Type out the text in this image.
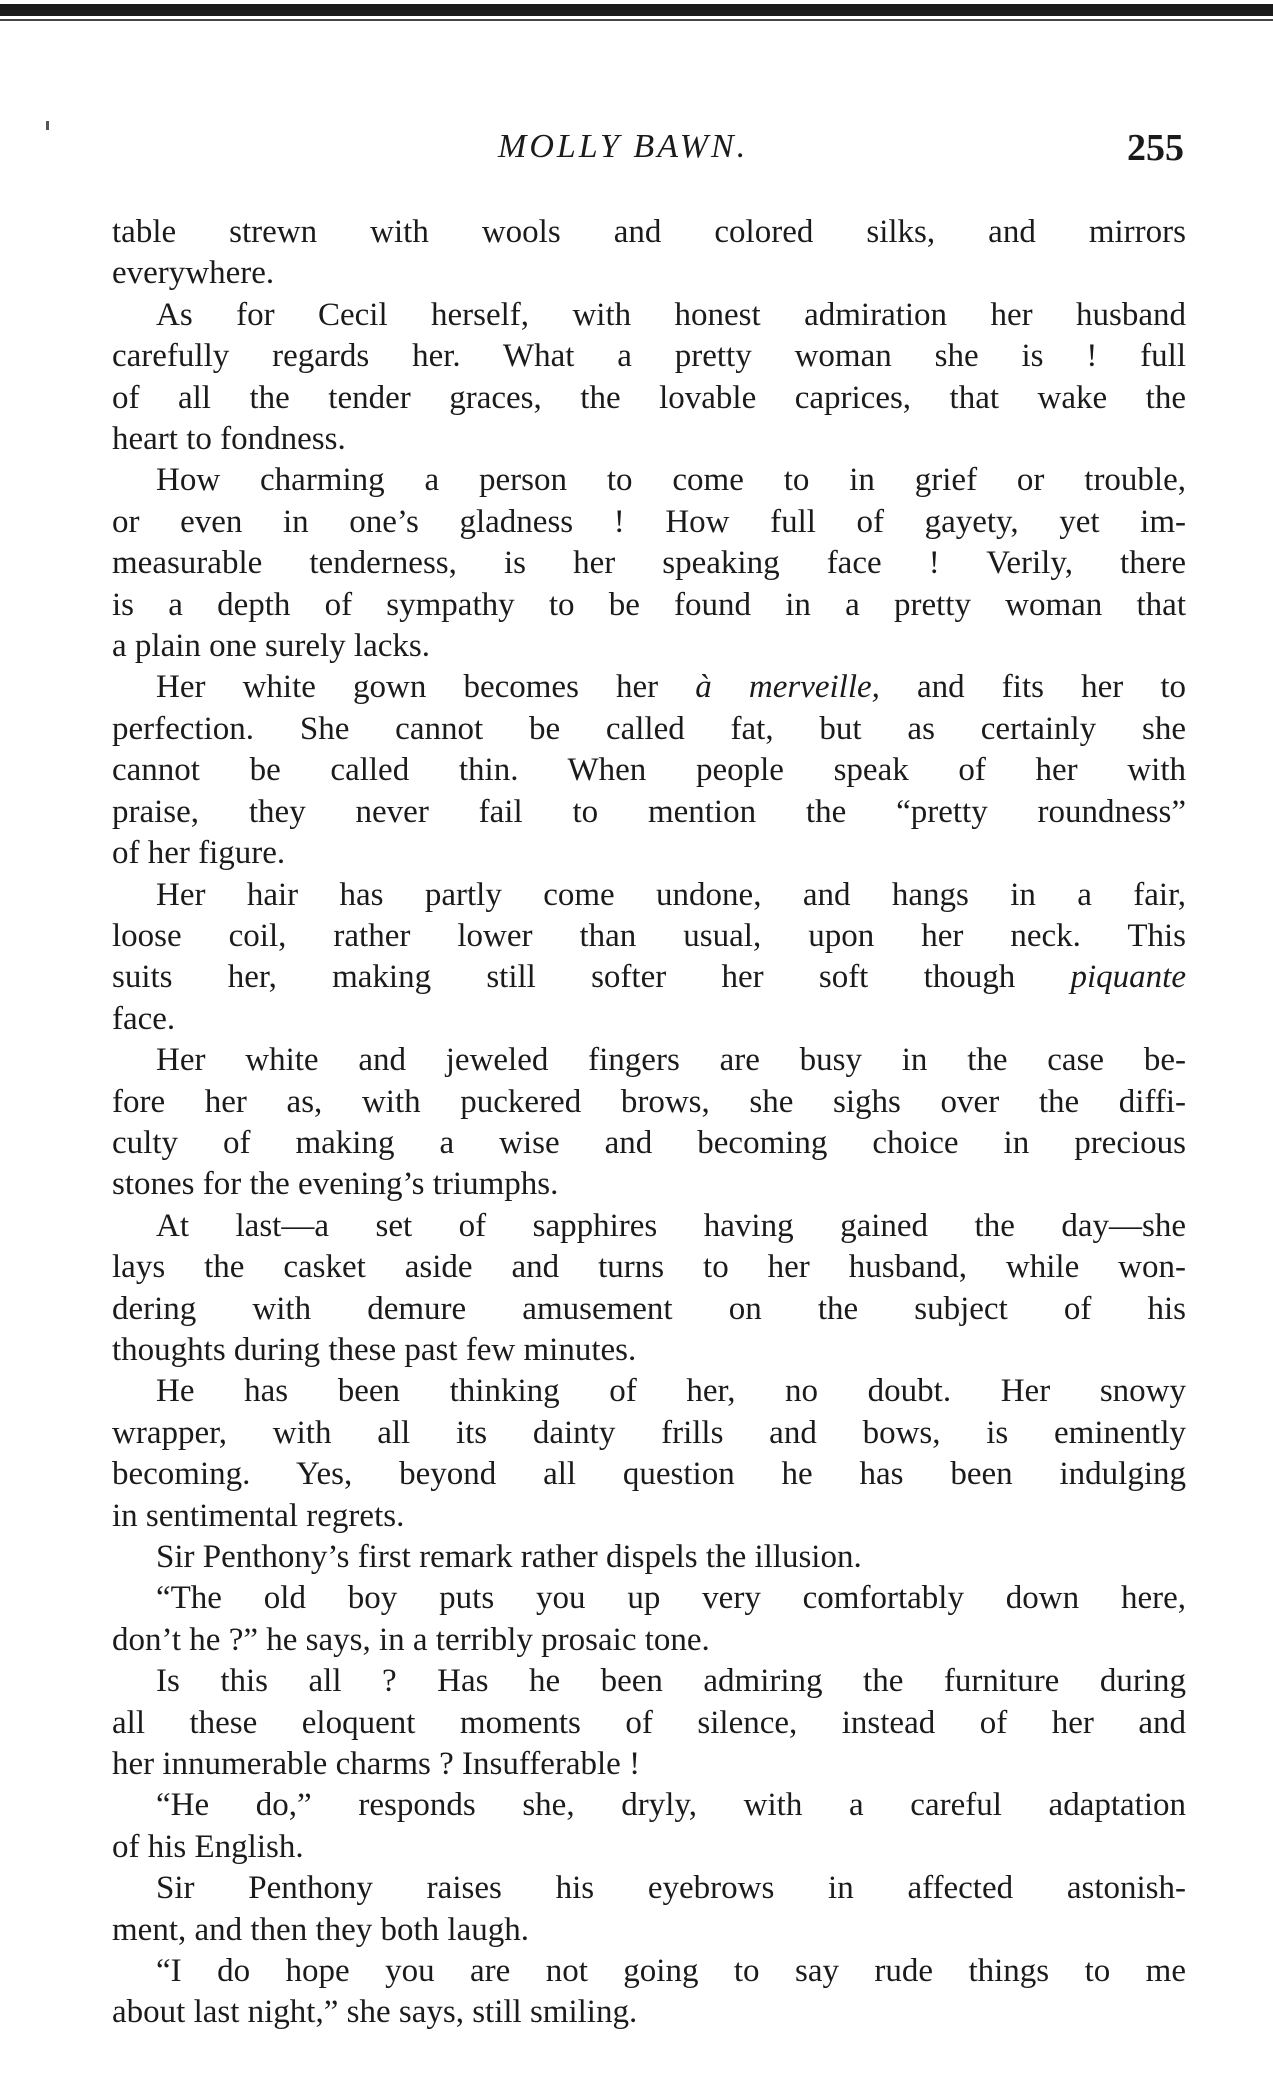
MOLLY BAWN.	255

table strewn with wools and colored silks, and mirrors
everywhere.

As for Cecil herself, with honest admiration her husband
carefully regards her. What a pretty woman she is ! full
of all the tender graces, the lovable caprices, that wake the
heart to fondness.

How charming a person to come to in grief or trouble,
or even in one’s gladness ! How full of gayety, yet im-
measurable tenderness, is her speaking face ! Verily, there
is a depth of sympathy to be found in a pretty woman that
a plain one surely lacks.

Her white gown becomes her à merveille, and fits her to
perfection. She cannot be called fat, but as certainly she
cannot be called thin. When people speak of her with
praise, they never fail to mention the “pretty roundness”
of her figure.

Her hair has partly come undone, and hangs in a fair,
loose coil, rather lower than usual, upon her neck. This
suits her, making still softer her soft though piquante
face.

Her white and jeweled fingers are busy in the case be-
fore her as, with puckered brows, she sighs over the diffi-
culty of making a wise and becoming choice in precious
stones for the evening’s triumphs.

At last—a set of sapphires having gained the day—she
lays the casket aside and turns to her husband, while won-
dering with demure amusement on the subject of his
thoughts during these past few minutes.

He has been thinking of her, no doubt. Her snowy
wrapper, with all its dainty frills and bows, is eminently
becoming. Yes, beyond all question he has been indulging
in sentimental regrets.

Sir Penthony’s first remark rather dispels the illusion.

“The old boy puts you up very comfortably down here,
don’t he ?” he says, in a terribly prosaic tone.

Is this all ? Has he been admiring the furniture during
all these eloquent moments of silence, instead of her and
her innumerable charms ? Insufferable !

“He do,” responds she, dryly, with a careful adaptation
of his English.

Sir Penthony raises his eyebrows in affected astonish-
ment, and then they both laugh.

“I do hope you are not going to say rude things to me
about last night,” she says, still smiling.
